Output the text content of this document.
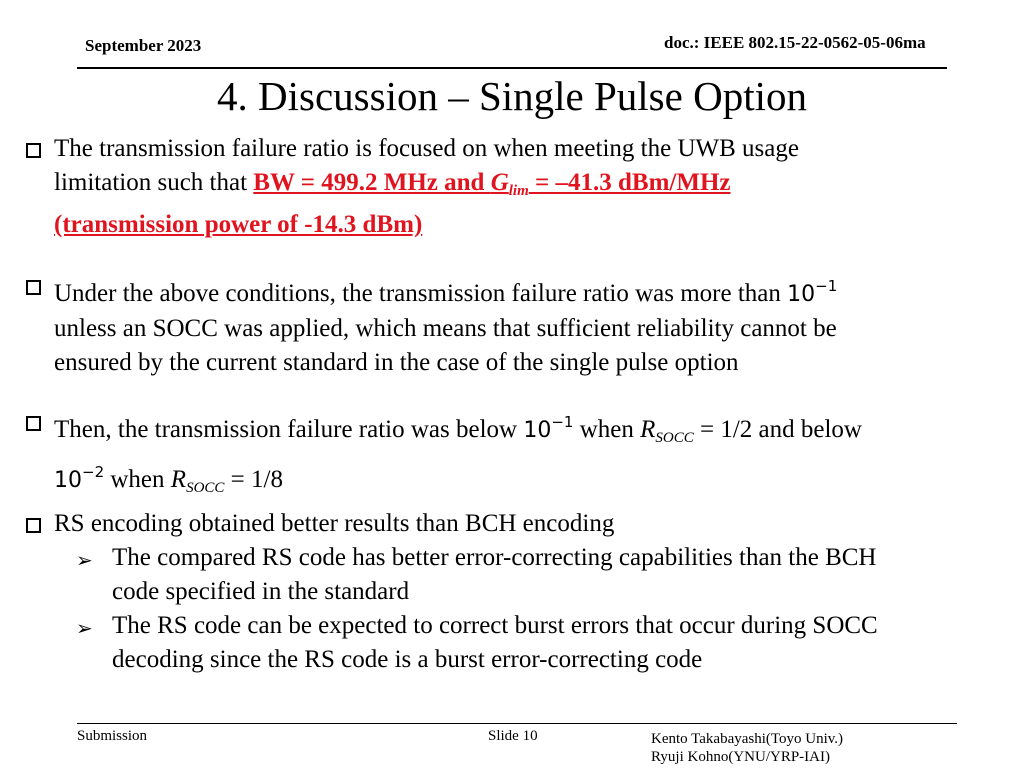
September 2023	doc.: IEEE 802.15-22-0562-05-06ma
4. Discussion – Single Pulse Option
The transmission failure ratio is focused on when meeting the UWB usage
limitation such that BW = 499.2 MHz and $G_{lim} = -41.3$ dBm/MHz
(transmission power of -14.3 dBm)
Under the above conditions, the transmission failure ratio was more than $10^{-1}$
unless an SOCC was applied, which means that sufficient reliability cannot be
ensured by the current standard in the case of the single pulse option
Then, the transmission failure ratio was below $10^{-1}$ when $R_{SOCC} = 1/2$ and below
$10^{-2}$ when $R_{SOCC} = 1/8$
RS encoding obtained better results than BCH encoding
➢ The compared RS code has better error-correcting capabilities than the BCH
code specified in the standard
➢ The RS code can be expected to correct burst errors that occur during SOCC
decoding since the RS code is a burst error-correcting code
Submission	Slide 10	Kento Takabayashi(Toyo Univ.)
Ryuji Kohno(YNU/YRP-IAI)
